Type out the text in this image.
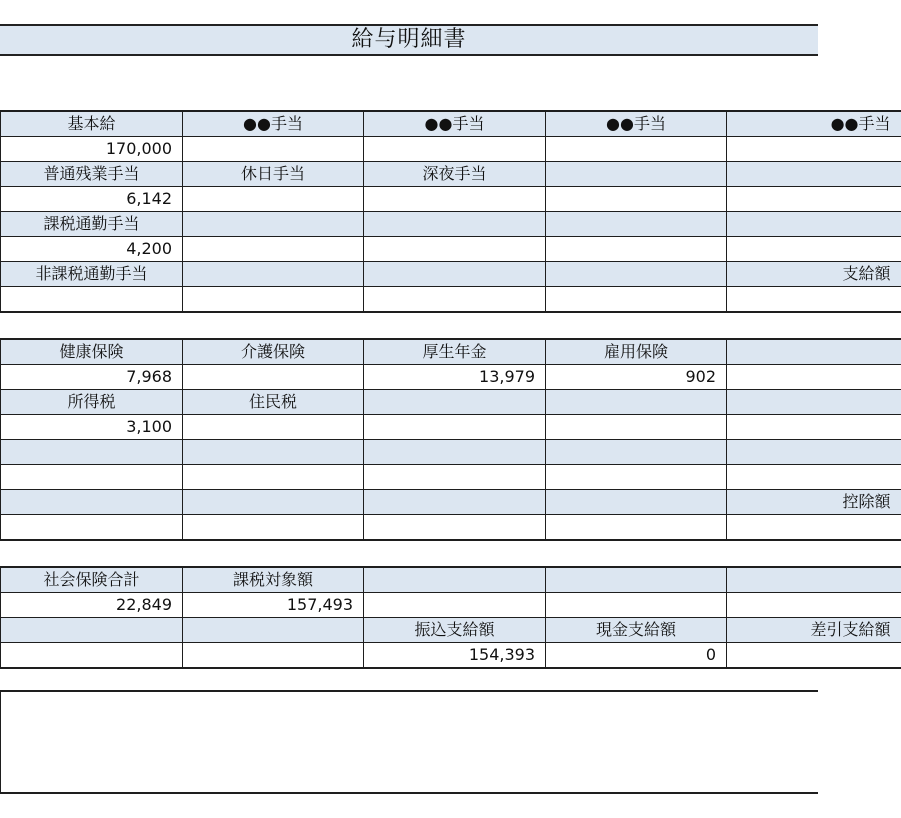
給与明細書
基本給	●●手当	●●手当	●●手当	●●手当
170,000				
普通残業手当	休日手当	深夜手当		
6,142				
課税通勤手当				
4,200				
非課税通勤手当				支給額

健康保険	介護保険	厚生年金	雇用保険	
7,968		13,979	902	
所得税	住民税			
3,100				

				控除額

社会保険合計	課税対象額			
22,849	157,493			
		振込支給額	現金支給額	差引支給額
		154,393	0	
